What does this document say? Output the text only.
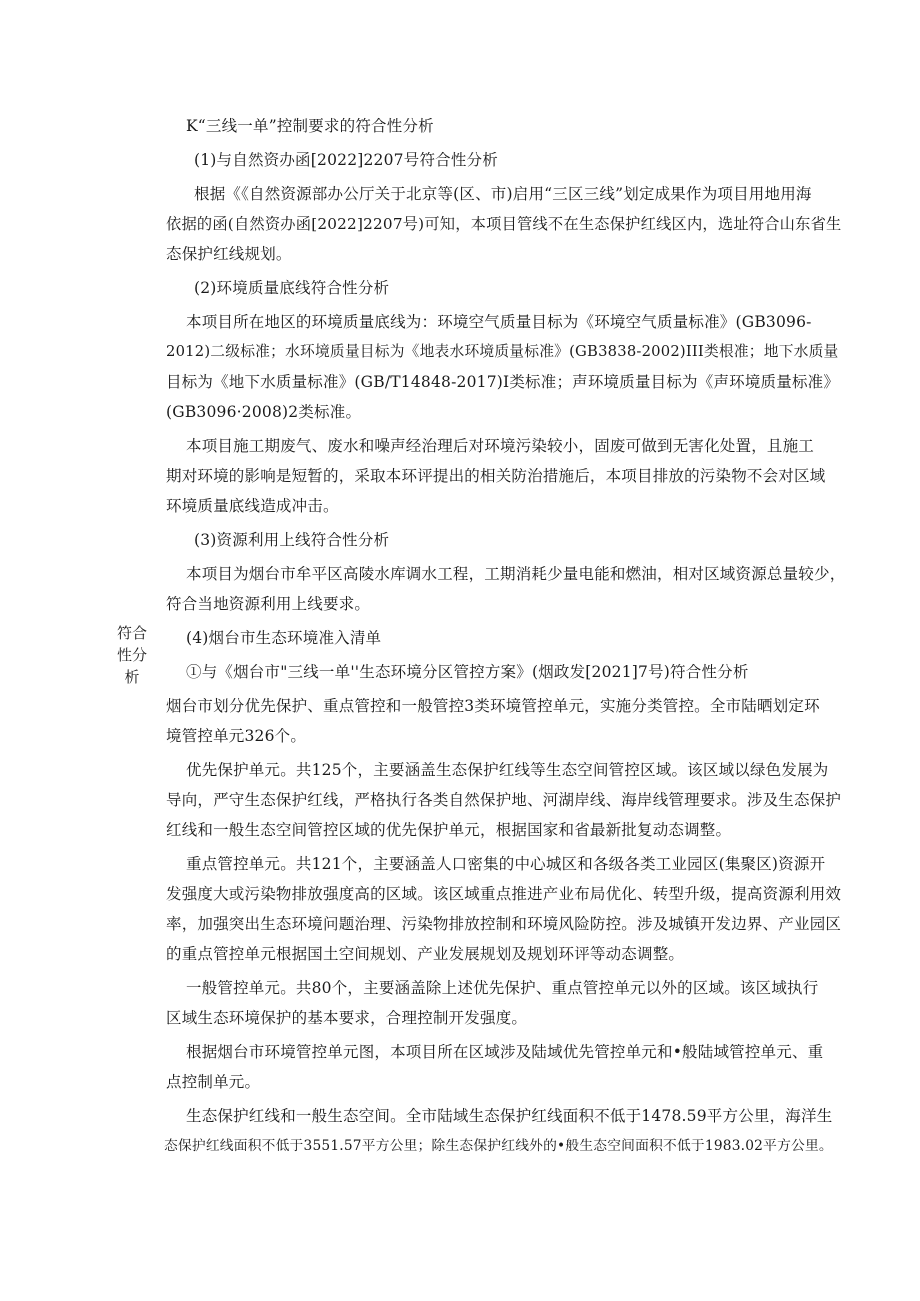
符合
性分
析
K“三线一单”控制要求的符合性分析
(1)与自然资办函[2022]2207号符合性分析
根据《《自然资源部办公厅关于北京等(区、市)启用“三区三线”划定成果作为项目用地用海
依据的函(自然资办函[2022]2207号)可知，本项目管线不在生态保护红线区内，选址符合山东省生
态保护红线规划。
(2)环境质量底线符合性分析
本项目所在地区的环境质量底线为：环境空气质量目标为《环境空气质量标准》(GB3096-
2012)二级标准；水环境质量目标为《地表水环境质量标准》(GB3838-2002)III类根准；地下水质量
目标为《地下水质量标准》(GB/T14848-2017)I类标准；声环境质量目标为《声环境质量标准》
(GB3096·2008)2类标准。
本项目施工期废气、废水和噪声经治理后对环境污染较小，固废可做到无害化处置，且施工
期对环境的影响是短暂的，采取本环评提出的相关防治措施后，本项目排放的污染物不会对区域
环境质量底线造成冲击。
(3)资源利用上线符合性分析
本项目为烟台市牟平区高陵水库调水工程，工期消耗少量电能和燃油，相对区域资源总量较少，
符合当地资源利用上线要求。
(4)烟台市生态环境准入清单
①与《烟台市"三线一单''生态环境分区管控方案》(烟政发[2021]7号)符合性分析
烟台市划分优先保护、重点管控和一般管控3类环境管控单元，实施分类管控。全市陆晒划定环
境管控单元326个。
优先保护单元。共125个，主要涵盖生态保护红线等生态空间管控区域。该区域以绿色发展为
导向，严守生态保护红线，严格执行各类自然保护地、河湖岸线、海岸线管理要求。涉及生态保护
红线和一般生态空间管控区域的优先保护单元，根据国家和省最新批复动态调整。
重点管控单元。共121个，主要涵盖人口密集的中心城区和各级各类工业园区(集聚区)资源开
发强度大或污染物排放强度高的区域。该区域重点推进产业布局优化、转型升级，提高资源利用效
率，加强突出生态环境问题治理、污染物排放控制和环境风险防控。涉及城镇开发边界、产业园区
的重点管控单元根据国土空间规划、产业发展规划及规划环评等动态调整。
一般管控单元。共80个，主要涵盖除上述优先保护、重点管控单元以外的区域。该区域执行
区域生态环境保护的基本要求，合理控制开发强度。
根据烟台市环境管控单元图，本项目所在区域涉及陆域优先管控单元和•般陆域管控单元、重
点控制单元。
生态保护红线和一般生态空间。全市陆域生态保护红线面积不低于1478.59平方公里，海洋生
态保护红线面积不低于3551.57平方公里；除生态保护红线外的•般生态空间面积不低于1983.02平方公里。
